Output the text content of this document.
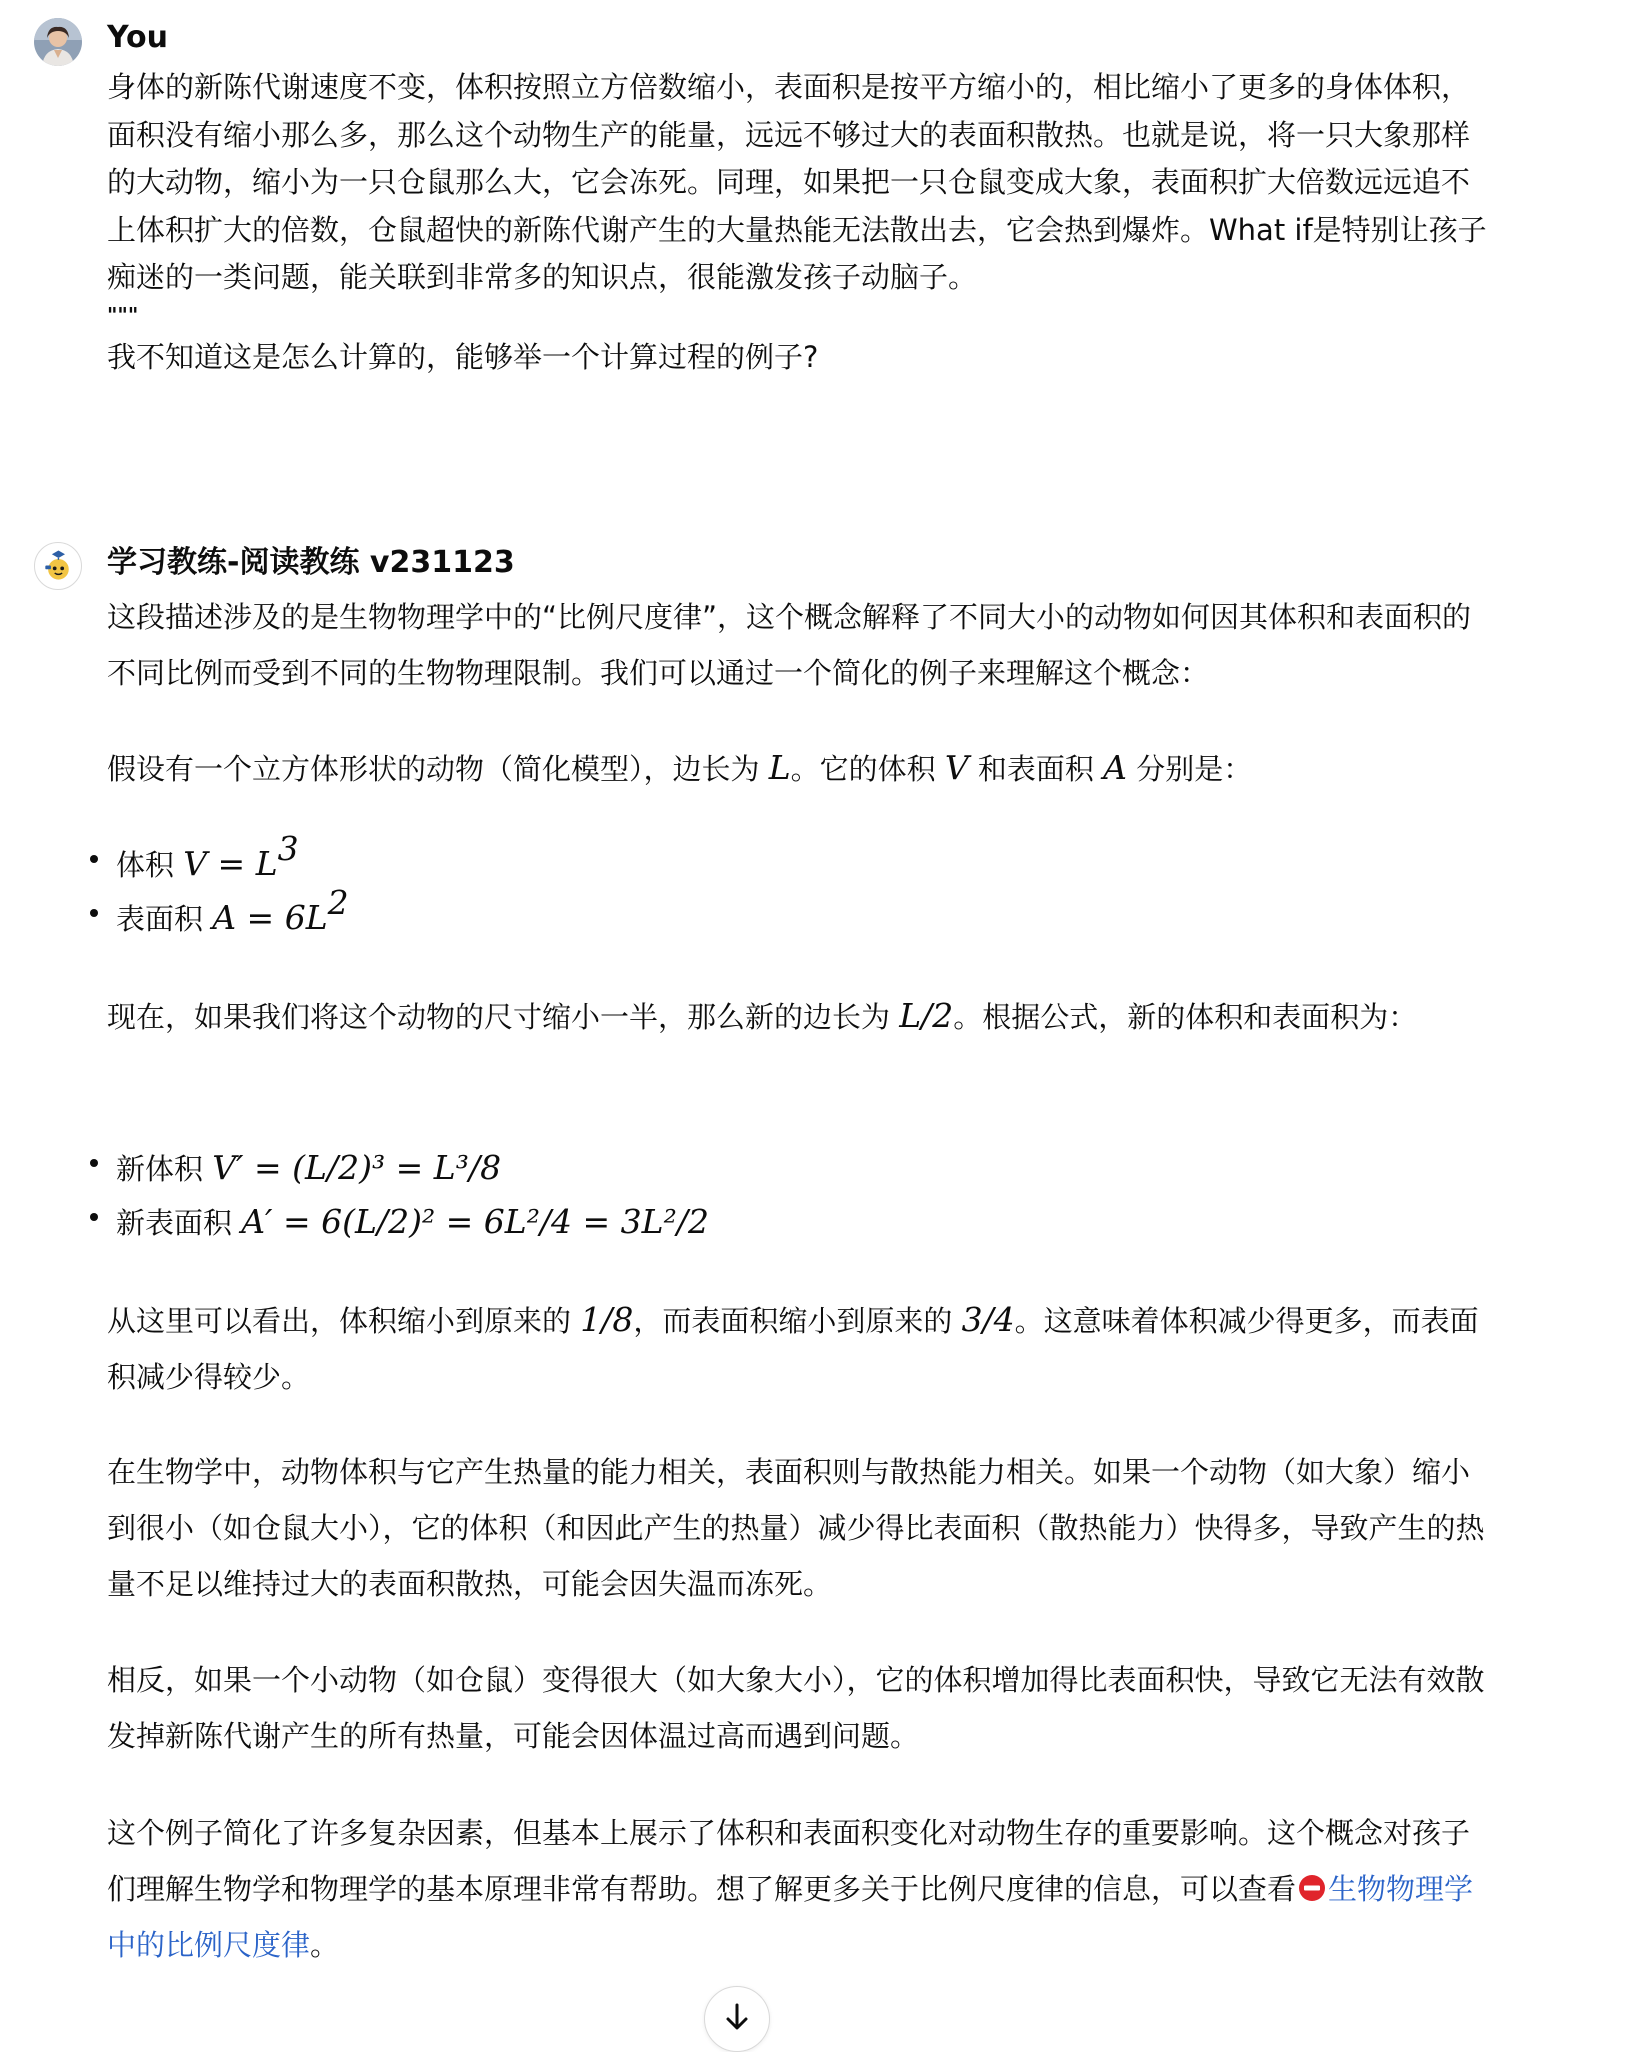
You

身体的新陈代谢速度不变，体积按照立方倍数缩小，表面积是按平方缩小的，相比缩小了更多的身体体积，面积没有缩小那么多，那么这个动物生产的能量，远远不够过大的表面积散热。也就是说，将一只大象那样的大动物，缩小为一只仓鼠那么大，它会冻死。同理，如果把一只仓鼠变成大象，表面积扩大倍数远远追不上体积扩大的倍数，仓鼠超快的新陈代谢产生的大量热能无法散出去，它会热到爆炸。What if是特别让孩子痴迷的一类问题，能关联到非常多的知识点，很能激发孩子动脑子。

"""

我不知道这是怎么计算的，能够举一个计算过程的例子?

学习教练-阅读教练 v231123

这段描述涉及的是生物物理学中的“比例尺度律”，这个概念解释了不同大小的动物如何因其体积和表面积的不同比例而受到不同的生物物理限制。我们可以通过一个简化的例子来理解这个概念：

假设有一个立方体形状的动物（简化模型），边长为 L。它的体积 V 和表面积 A 分别是：
体积 $V = L^3$
表面积 $A = 6L^2$
现在，如果我们将这个动物的尺寸缩小一半，那么新的边长为 L/2。根据公式，新的体积和表面积为：
新体积 V′ = (L/2)³ = L³/8
新表面积 A′ = 6(L/2)² = 6L²/4 = 3L²/2
从这里可以看出，体积缩小到原来的 1/8，而表面积缩小到原来的 3/4。这意味着体积减少得更多，而表面积减少得较少。

在生物学中，动物体积与它产生热量的能力相关，表面积则与散热能力相关。如果一个动物（如大象）缩小到很小（如仓鼠大小），它的体积（和因此产生的热量）减少得比表面积（散热能力）快得多，导致产生的热量不足以维持过大的表面积散热，可能会因失温而冻死。

相反，如果一个小动物（如仓鼠）变得很大（如大象大小），它的体积增加得比表面积快，导致它无法有效散发掉新陈代谢产生的所有热量，可能会因体温过高而遇到问题。

这个例子简化了许多复杂因素，但基本上展示了体积和表面积变化对动物生存的重要影响。这个概念对孩子们理解生物学和物理学的基本原理非常有帮助。想了解更多关于比例尺度律的信息，可以查看 生物物理学中的比例尺度律。
